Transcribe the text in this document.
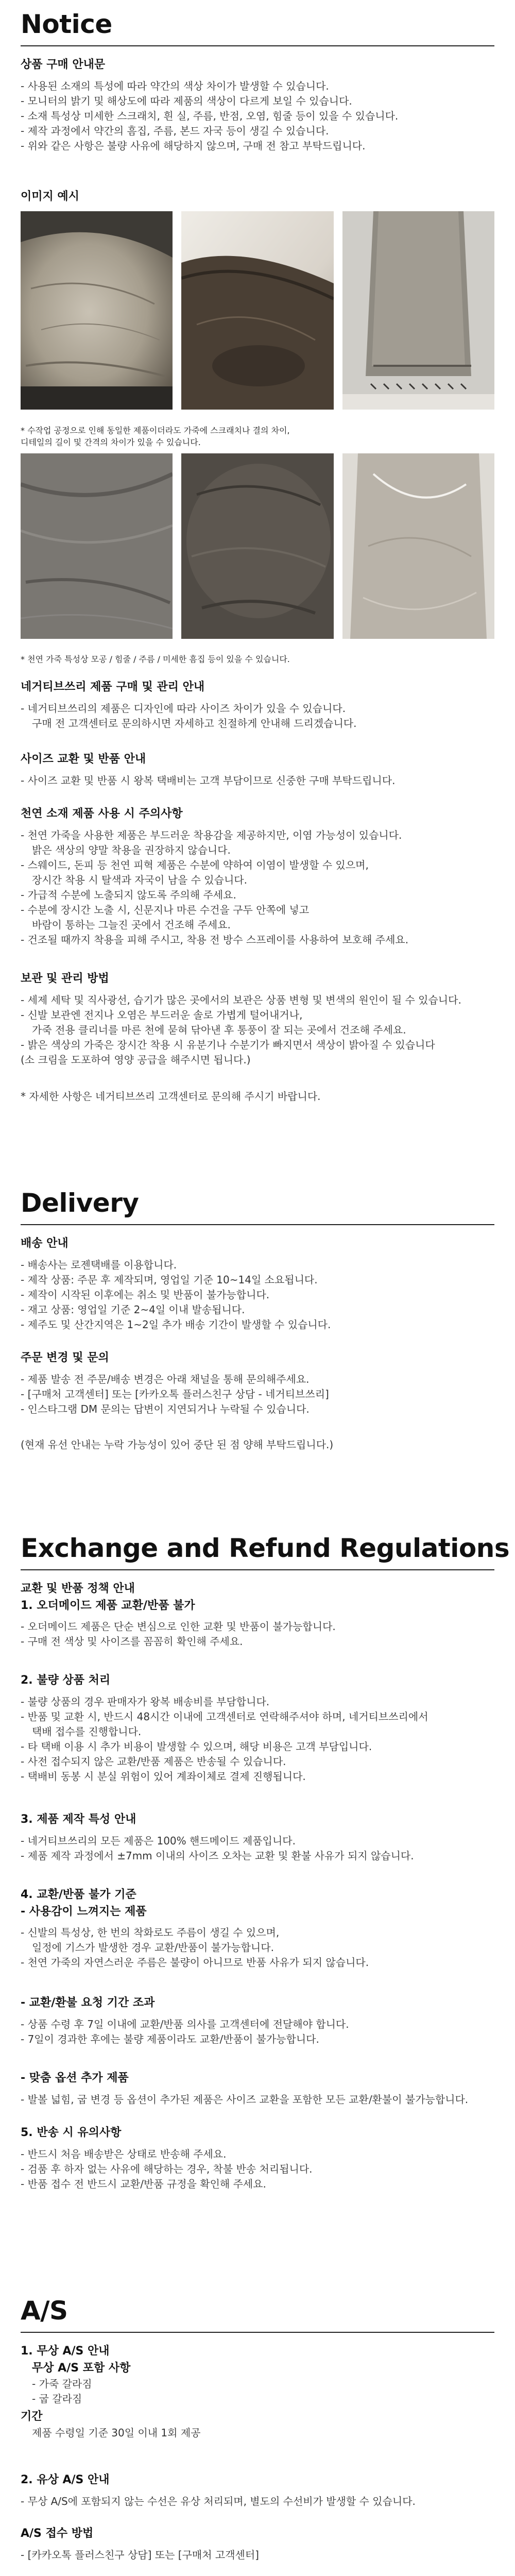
Notice

상품 구매 안내문

- 사용된 소재의 특성에 따라 약간의 색상 차이가 발생할 수 있습니다.

- 모니터의 밝기 및 해상도에 따라 제품의 색상이 다르게 보일 수 있습니다.

- 소재 특성상 미세한 스크래치, 흰 실, 주름, 반점, 오염, 힘줄 등이 있을 수 있습니다.

- 제작 과정에서 약간의 흠집, 주름, 본드 자국 등이 생길 수 있습니다.

- 위와 같은 사항은 불량 사유에 해당하지 않으며, 구매 전 참고 부탁드립니다.

이미지 예시

* 수작업 공정으로 인해 동일한 제품이더라도 가죽에 스크래치나 결의 차이,

디테일의 길이 및 간격의 차이가 있을 수 있습니다.

* 천연 가죽 특성상 모공 / 힘줄 / 주름 / 미세한 흠집 등이 있을 수 있습니다.

네거티브쓰리 제품 구매 및 관리 안내

- 네거티브쓰리의 제품은 디자인에 따라 사이즈 차이가 있을 수 있습니다.

구매 전 고객센터로 문의하시면 자세하고 친절하게 안내해 드리겠습니다.

사이즈 교환 및 반품 안내

- 사이즈 교환 및 반품 시 왕복 택배비는 고객 부담이므로 신중한 구매 부탁드립니다.

천연 소재 제품 사용 시 주의사항

- 천연 가죽을 사용한 제품은 부드러운 착용감을 제공하지만, 이염 가능성이 있습니다.

밝은 색상의 양말 착용을 권장하지 않습니다.

- 스웨이드, 돈피 등 천연 피혁 제품은 수분에 약하여 이염이 발생할 수 있으며,

장시간 착용 시 탈색과 자국이 남을 수 있습니다.

- 가급적 수분에 노출되지 않도록 주의해 주세요.

- 수분에 장시간 노출 시, 신문지나 마른 수건을 구두 안쪽에 넣고

바람이 통하는 그늘진 곳에서 건조해 주세요.

- 건조될 때까지 착용을 피해 주시고, 착용 전 방수 스프레이를 사용하여 보호해 주세요.

보관 및 관리 방법

- 세제 세탁 및 직사광선, 습기가 많은 곳에서의 보관은 상품 변형 및 변색의 원인이 될 수 있습니다.

- 신발 보관엔 전지나 오염은 부드러운 솔로 가볍게 털어내거나,

가죽 전용 클리너를 마른 천에 묻혀 닦아낸 후 통풍이 잘 되는 곳에서 건조해 주세요.

- 밝은 색상의 가죽은 장시간 착용 시 유분기나 수분기가 빠지면서 색상이 밝아질 수 있습니다

(소 크림을 도포하여 영양 공급을 해주시면 됩니다.)

* 자세한 사항은 네거티브쓰리 고객센터로 문의해 주시기 바랍니다.

Delivery

배송 안내

- 배송사는 로젠택배를 이용합니다.

- 제작 상품: 주문 후 제작되며, 영업일 기준 10~14일 소요됩니다.

- 제작이 시작된 이후에는 취소 및 반품이 불가능합니다.

- 재고 상품: 영업일 기준 2~4일 이내 발송됩니다.

- 제주도 및 산간지역은 1~2일 추가 배송 기간이 발생할 수 있습니다.

주문 변경 및 문의

- 제품 발송 전 주문/배송 변경은 아래 채널을 통해 문의해주세요.

- [구매처 고객센터] 또는 [카카오톡 플러스친구 상담 - 네거티브쓰리]

- 인스타그램 DM 문의는 답변이 지연되거나 누락될 수 있습니다.

(현재 유선 안내는 누락 가능성이 있어 중단 된 점 양해 부탁드립니다.)

Exchange and Refund Regulations

교환 및 반품 정책 안내

1. 오더메이드 제품 교환/반품 불가

- 오더메이드 제품은 단순 변심으로 인한 교환 및 반품이 불가능합니다.

- 구매 전 색상 및 사이즈를 꼼꼼히 확인해 주세요.

2. 불량 상품 처리

- 불량 상품의 경우 판매자가 왕복 배송비를 부담합니다.

- 반품 및 교환 시, 반드시 48시간 이내에 고객센터로 연락해주셔야 하며, 네거티브쓰리에서

택배 접수를 진행합니다.

- 타 택배 이용 시 추가 비용이 발생할 수 있으며, 해당 비용은 고객 부담입니다.

- 사전 접수되지 않은 교환/반품 제품은 반송될 수 있습니다.

- 택배비 동봉 시 분실 위험이 있어 계좌이체로 결제 진행됩니다.

3. 제품 제작 특성 안내

- 네거티브쓰리의 모든 제품은 100% 핸드메이드 제품입니다.

- 제품 제작 과정에서 ±7mm 이내의 사이즈 오차는 교환 및 환불 사유가 되지 않습니다.

4. 교환/반품 불가 기준

- 사용감이 느껴지는 제품

- 신발의 특성상, 한 번의 착화로도 주름이 생길 수 있으며,

일정에 기스가 발생한 경우 교환/반품이 불가능합니다.

- 천연 가죽의 자연스러운 주름은 불량이 아니므로 반품 사유가 되지 않습니다.

- 교환/환불 요청 기간 조과

- 상품 수령 후 7일 이내에 교환/반품 의사를 고객센터에 전달해야 합니다.

- 7일이 경과한 후에는 불량 제품이라도 교환/반품이 불가능합니다.

- 맞춤 옵션 추가 제품

- 발볼 넓힘, 굽 변경 등 옵션이 추가된 제품은 사이즈 교환을 포함한 모든 교환/환불이 불가능합니다.

5. 반송 시 유의사항

- 반드시 처음 배송받은 상태로 반송해 주세요.

- 검품 후 하자 없는 사유에 해당하는 경우, 착불 반송 처리됩니다.

- 반품 접수 전 반드시 교환/반품 규정을 확인해 주세요.

A/S

1. 무상 A/S 안내

무상 A/S 포함 사항

- 가죽 갈라짐

- 굽 갈라짐

기간

제품 수령일 기준 30일 이내 1회 제공

2. 유상 A/S 안내

- 무상 A/S에 포함되지 않는 수선은 유상 처리되며, 별도의 수선비가 발생할 수 있습니다.

A/S 접수 방법

- [카카오톡 플러스친구 상담] 또는 [구매처 고객센터]
